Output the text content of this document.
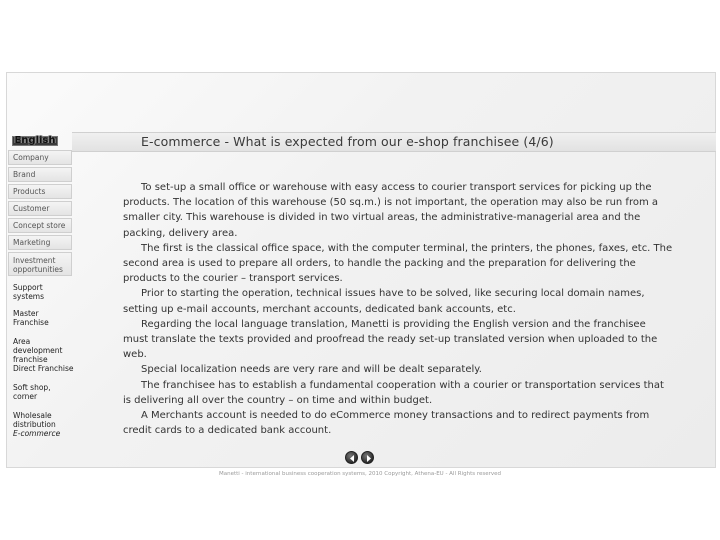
E-commerce - What is expected from our e-shop franchisee (4/6)
English
Company
Brand
Products
Customer
Concept store
Marketing
Investment opportunities
Support systems
Master Franchise
Area development franchise
Direct Franchise
Soft shop, corner
Wholesale distribution
E-commerce

To set-up a small office or warehouse with easy access to courier transport services for picking up the products. The location of this warehouse (50 sq.m.) is not important, the operation may also be run from a smaller city. This warehouse is divided in two virtual areas, the administrative-managerial area and the packing, delivery area.

The first is the classical office space, with the computer terminal, the printers, the phones, faxes, etc. The second area is used to prepare all orders, to handle the packing and the preparation for delivering the products to the courier – transport services.

Prior to starting the operation, technical issues have to be solved, like securing local domain names, setting up e-mail accounts, merchant accounts, dedicated bank accounts, etc.

Regarding the local language translation, Manetti is providing the English version and the franchisee must translate the texts provided and proofread the ready set-up translated version when uploaded to the web.

Special localization needs are very rare and will be dealt separately.

The franchisee has to establish a fundamental cooperation with a courier or transportation services that is delivering all over the country – on time and within budget.

A Merchants account is needed to do eCommerce money transactions and to redirect payments from credit cards to a dedicated bank account.

Manetti - international business cooperation systems, 2010 Copyright, Athena-EU - All Rights reserved
